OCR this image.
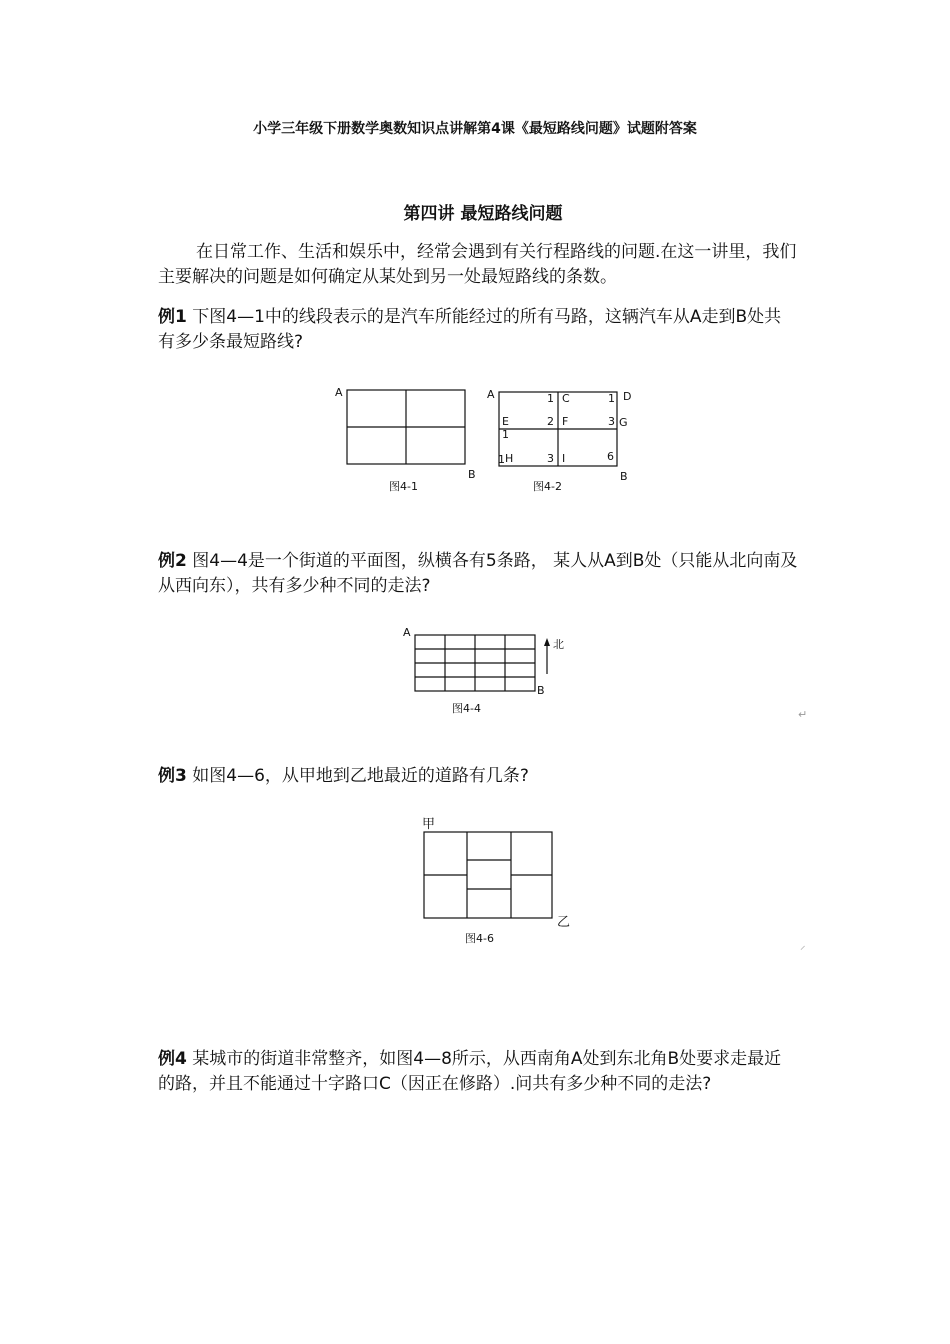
小学三年级下册数学奥数知识点讲解第4课《最短路线问题》试题附答案
第四讲 最短路线问题
在日常工作、生活和娱乐中，经常会遇到有关行程路线的问题.在这一讲里，我们主要解决的问题是如何确定从某处到另一处最短路线的条数。
例1 下图4—1中的线段表示的是汽车所能经过的所有马路，这辆汽车从A走到B处共有多少条最短路线?
A
B
图4-1
A	1 C	1 D
E	2 F	3 G
1
1 H	3 I	6
B
图4-2
例2 图4—4是一个街道的平面图，纵横各有5条路， 某人从A到B处（只能从北向南及从西向东），共有多少种不同的走法?
北
A
B
图4-4	↵
例3 如图4—6，从甲地到乙地最近的道路有几条?
甲
乙
图4-6
⸝
例4 某城市的街道非常整齐，如图4—8所示，从西南角A处到东北角B处要求走最近的路，并且不能通过十字路口C（因正在修路）.问共有多少种不同的走法?
